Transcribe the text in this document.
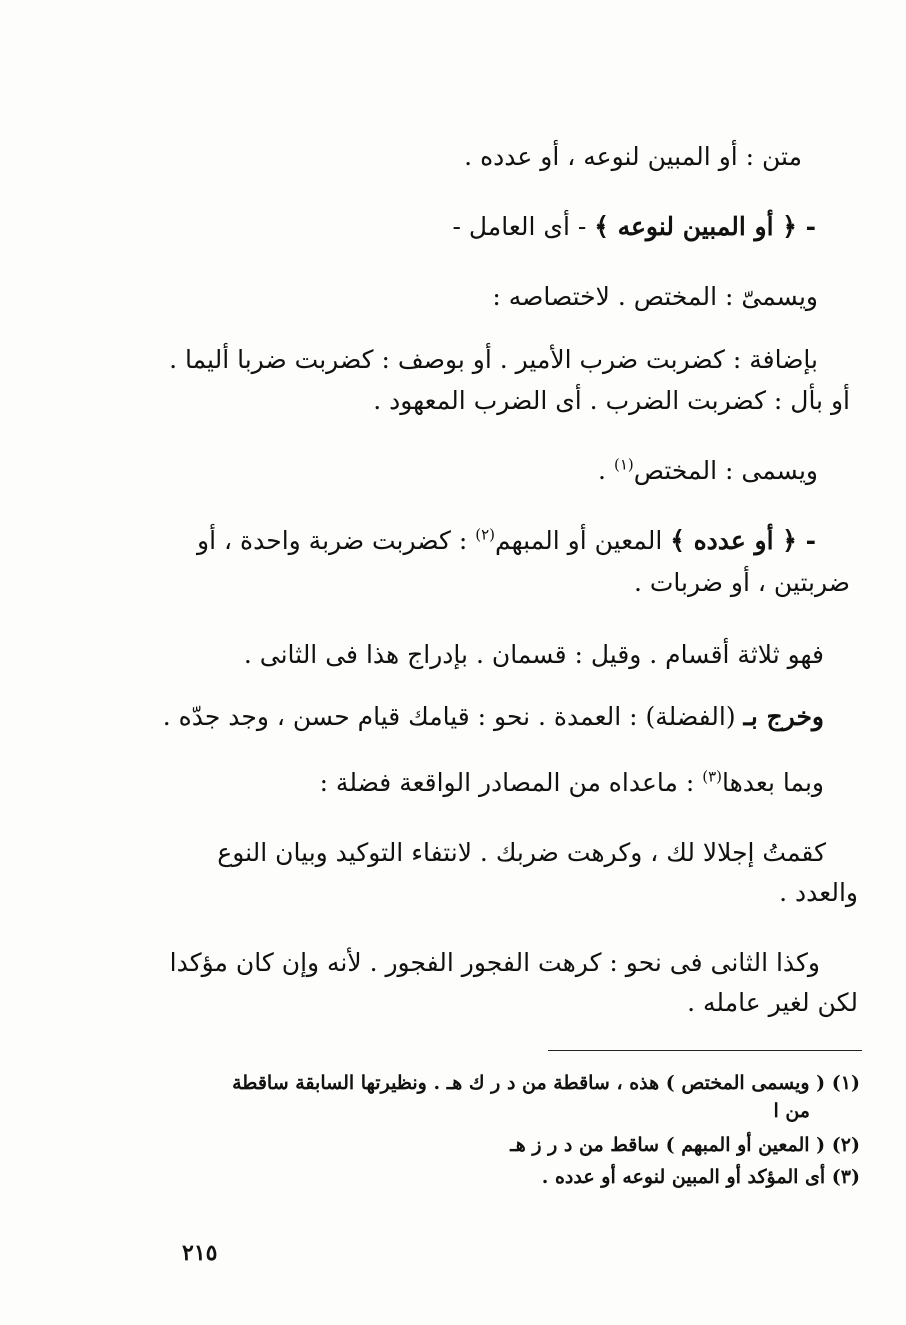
متن : أو المبين لنوعه ، أو عدده .
- ﴿ أو المبين لنوعه ﴾ - أى العامل -
ويسمىّ : المختص . لاختصاصه :
بإضافة : كضربت ضرب الأمير . أو بوصف : كضربت ضربا أليما .
أو بأل : كضربت الضرب . أى الضرب المعهود .
ويسمى : المختص$^{(١)}$ .
- ﴿ أو عدده ﴾ المعين أو المبهم$^{(٢)}$ : كضربت ضربة واحدة ، أو
ضربتين ، أو ضربات .
فهو ثلاثة أقسام . وقيل : قسمان . بإدراج هذا فى الثانى .
وخرج بـ (الفضلة) : العمدة . نحو : قيامك قيام حسن ، وجد جدّه .
وبما بعدها$^{(٣)}$ : ماعداه من المصادر الواقعة فضلة :
كقمتُ إجلالا لك ، وكرهت ضربك . لانتفاء التوكيد وبيان النوع
والعدد .
وكذا الثانى فى نحو : كرهت الفجور الفجور . لأنه وإن كان مؤكدا
لكن لغير عامله .
(١) ( ويسمى المختص ) هذه ، ساقطة من د ر ك هـ . ونظيرتها السابقة ساقطة
من ا
(٢) ( المعين أو المبهم ) ساقط من د ر ز هـ
(٣) أى المؤكد أو المبين لنوعه أو عدده .
٢١٥
